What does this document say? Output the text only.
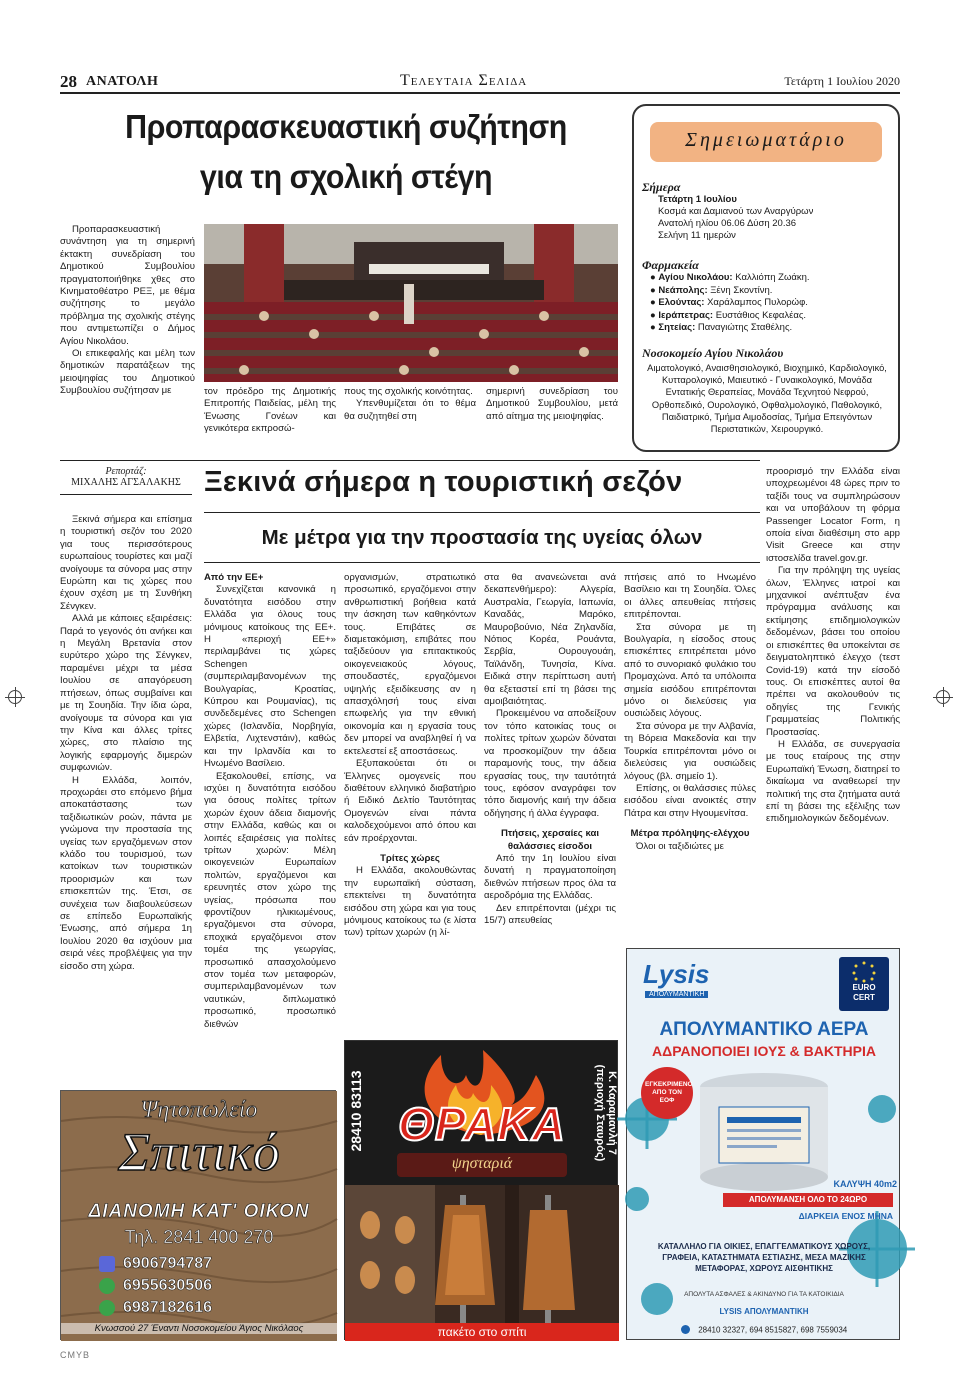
28 ΑΝΑΤΟΛΗ	Τελευταια Σελιδα	Τετάρτη 1 Ιουλίου 2020
Προπαρασκευαστική συζήτηση
για τη σχολική στέγη

Προπαρασκευαστική συνάντηση για τη σημερινή έκτακτη συνεδρίαση του Δημοτικού Συμβουλίου πραγματοποιήθηκε χθες στο Κινηματοθέατρο ΡΕΞ, με θέμα συζήτησης το μεγάλο πρόβλημα της σχολικής στέγης που αντιμετωπίζει ο Δήμος Αγίου Νικολάου.

Οι επικεφαλής και μέλη των δημοτικών παρατάξεων της μειοψηφίας του Δημοτικού Συμβουλίου συζήτησαν με	τον πρόεδρο της Δημοτικής Επιτροπής Παιδείας, μέλη της Ένωσης Γονέων και γενικότερα εκπροσώ-

πους της σχολικής κοινότητας.

Υπενθυμίζεται ότι το θέμα θα συζητηθεί στη

σημερινή συνεδρίαση του Δημοτικού Συμβουλίου, μετά από αίτημα της μειοψηφίας.

Σημειωματάριο
Σήμερα
Τετάρτη 1 Ιουλίου
Κοσμά και Δαμιανού των Αναργύρων
Ανατολή ηλίου 06.06 Δύση 20.36
Σελήνη 11 ημερών
Φαρμακεία
● Αγίου Νικολάου: Καλλιόπη Ζωάκη.
● Νεάπολης: Ξένη Σκοντίνη.
● Ελούντας: Χαράλαμπος Πυλορώφ.
● Ιεράπετρας: Ευστάθιος Κεφαλέας.
● Σητείας: Παναγιώτης Σταθέλης.
Νοσοκομείο Αγίου Νικολάου
Αιματολογικό, Αναισθησιολογικό, Βιοχημικό, Καρδιολογικό, Κυτταρολογικό, Μαιευτικό - Γυναικολογικό, Μονάδα Εντατικής Θεραπείας, Μονάδα Τεχνητού Νεφρού, Ορθοπεδικό, Ουρολογικό, Οφθαλμολογικό, Παθολογικό, Παιδιατρικό, Τμήμα Αιμοδοσίας, Τμήμα Επειγόντων Περιστατικών, Χειρουργικό.
Ρεπορτάζ:
ΜΙΧΑΛΗΣ ΑΓΣΑΛΑΚΗΣ Ξεκινά σήμερα η τουριστική σεζόν
Με μέτρα για την προστασία της υγείας όλων

Ξεκινά σήμερα και επίσημα η τουριστική σεζόν του 2020 για τους περισσότερους ευρωπαίους τουρίστες και μαζί ανοίγουμε τα σύνορα μας στην Ευρώπη και τις χώρες που έχουν σχέση με τη Συνθήκη Σένγκεν.

Αλλά με κάποιες εξαιρέσεις: Παρά το γεγονός ότι ανήκει και η Μεγάλη Βρετανία στον ευρύτερο χώρο της Σένγκεν, παραμένει μέχρι τα μέσα Ιουλίου σε απαγόρευση πτήσεων, όπως συμβαίνει και με τη Σουηδία. Την ίδια ώρα, ανοίγουμε τα σύνορα και για την Κίνα και άλλες τρίτες χώρες, στο πλαίσιο της λογικής εφαρμογής διμερών συμφωνιών.

Η Ελλάδα, λοιπόν, προχωράει στο επόμενο βήμα αποκατάστασης των ταξιδιωτικών ροών, πάντα με γνώμονα την προστασία της υγείας των εργαζόμενων στον κλάδο του τουρισμού, των κατοίκων των τουριστικών προορισμών και των επισκεπτών της. Έτσι, σε συνέχεια των διαβουλεύσεων σε επίπεδο Ευρωπαϊκής Ένωσης, από σήμερα 1η Ιουλίου 2020 θα ισχύουν μια σειρά νέες προβλέψεις για την είσοδο στη χώρα.

Από την ΕΕ+

Συνεχίζεται κανονικά η δυνατότητα εισόδου στην Ελλάδα για όλους τους μόνιμους κατοίκους της ΕΕ+. Η «περιοχή ΕΕ+» περιλαμβάνει τις χώρες Schengen (συμπεριλαμβανομένων της Βουλγαρίας, Κροατίας, Κύπρου και Ρουμανίας), τις συνδεδεμένες στο Schengen χώρες (Ισλανδία, Νορβηγία, Ελβετία, Λιχτενστάιν), καθώς και την Ιρλανδία και το Ηνωμένο Βασίλειο.

Εξακολουθεί, επίσης, να ισχύει η δυνατότητα εισόδου για όσους πολίτες τρίτων χωρών έχουν άδεια διαμονής στην Ελλάδα, καθώς και οι λοιπές εξαιρέσεις για πολίτες τρίτων χωρών: Μέλη οικογενειών Ευρωπαίων πολιτών, εργαζόμενοι και ερευνητές στον χώρο της υγείας, πρόσωπα που φροντίζουν ηλικιωμένους, εργαζόμενοι στα σύνορα, εποχικά εργαζόμενοι στον τομέα της γεωργίας, προσωπικό απασχολούμενο στον τομέα των μεταφορών, συμπεριλαμβανομένων των ναυτικών, διπλωματικό προσωπικό, προσωπικό διεθνών

οργανισμών, στρατιωτικό προσωπικό, εργαζόμενοι στην ανθρωπιστική βοήθεια κατά την άσκηση των καθηκόντων τους. Επιβάτες σε διαμετακόμιση, επιβάτες που ταξιδεύουν για επιτακτικούς οικογενειακούς λόγους, σπουδαστές, εργαζόμενοι υψηλής εξειδίκευσης αν η απασχόλησή τους είναι επωφελής για την εθνική οικονομία και η εργασία τους δεν μπορεί να αναβληθεί ή να εκτελεστεί εξ αποστάσεως.

Εξυπακούεται ότι οι Έλληνες ομογενείς που διαθέτουν ελληνικό διαβατήριο ή Ειδικό Δελτίο Ταυτότητας Ομογενών είναι πάντα καλοδεχούμενοι από όπου και εάν προέρχονται.

Τρίτες χώρες

Η Ελλάδα, ακολουθώντας την ευρωπαϊκή σύσταση, επεκτείνει τη δυνατότητα εισόδου στη χώρα και για τους μόνιμους κατοίκους τω (ε λίστα των) τρίτων χωρών (η λί-

στα θα ανανεώνεται ανά δεκαπενθήμερο): Αλγερία, Αυστραλία, Γεωργία, Ιαπωνία, Καναδάς, Μαρόκο, Μαυροβούνιο, Νέα Ζηλανδία, Νότιος Κορέα, Ρουάντα, Σερβία, Ουρουγουάη, Ταϊλάνδη, Τυνησία, Κίνα. Ειδικά στην περίπτωση αυτή θα εξεταστεί επί τη βάσει της αμοιβαιότητας.

Προκειμένου να αποδείξουν τον τόπο κατοικίας τους οι πολίτες τρίτων χωρών δύναται να προσκομίζουν την άδεια παραμονής τους, την άδεια εργασίας τους, την ταυτότητά τους, εφόσον αναγράφει τον τόπο διαμονής καιή την άδεια οδήγησης ή άλλα έγγραφα.

Πτήσεις, χερσαίες και θαλάσσιες είσοδοι

Από την 1η Ιουλίου είναι δυνατή η πραγματοποίηση διεθνών πτήσεων προς όλα τα αεροδρόμια της Ελλάδας.

Δεν επιτρέπονται (μέχρι τις 15/7) απευθείας

πτήσεις από το Ηνωμένο Βασίλειο και τη Σουηδία. Όλες οι άλλες απευθείας πτήσεις επιτρέπονται.

Στα σύνορα με τη Βουλγαρία, η είσοδος στους επισκέπτες επιτρέπεται μόνο από το συνοριακό φυλάκιο του Προμαχώνα. Από τα υπόλοιπα σημεία εισόδου επιτρέπονται μόνο οι διελεύσεις για ουσιώδεις λόγους.

Στα σύνορα με την Αλβανία, τη Βόρεια Μακεδονία και την Τουρκία επιτρέπονται μόνο οι διελεύσεις για ουσιώδεις λόγους (βλ. σημείο 1).

Επίσης, οι θαλάσσιες πύλες εισόδου είναι ανοικτές στην Πάτρα και στην Ηγουμενίτσα.

Μέτρα πρόληψης-ελέγχου

Όλοι οι ταξιδιώτες με

προορισμό την Ελλάδα είναι υποχρεωμένοι 48 ώρες πριν το ταξίδι τους να συμπληρώσουν και να υποβάλουν τη φόρμα Passenger Locator Form, η οποία είναι διαθέσιμη στο app Visit Greece και στην ιστοσελίδα travel.gov.gr.

Για την πρόληψη της υγείας όλων, Έλληνες ιατροί και μηχανικοί ανέπτυξαν ένα πρόγραμμα ανάλυσης και εκτίμησης επιδημιολογικών δεδομένων, βάσει του οποίου οι επισκέπτες θα υποκείνται σε δειγματοληπτικό έλεγχο (τεστ Covid-19) κατά την είσοδό τους. Οι επισκέπτες αυτοί θα πρέπει να ακολουθούν τις οδηγίες της Γενικής Γραμματείας Πολιτικής Προστασίας.

Η Ελλάδα, σε συνεργασία με τους εταίρους της στην Ευρωπαϊκή Ένωση, διατηρεί το δικαίωμα να αναθεωρεί την πολιτική της στα ζητήματα αυτά επί τη βάσει της εξέλιξης των επιδημιολογικών δεδομένων.

Ψητοπωλείο
Σπιτικό
ΔΙΑΝΟΜΗ ΚΑΤ' ΟΙΚΟΝ
Τηλ. 2841 400 270
6906794787
6955630506
6987182616
Κνωσσού 27 Έναντι Νοσοκομείου Άγιος Νικόλαος
28410 83113	Κ. Καραμανλή 7 (περιοχή Σταυρός)
ΘΡΑΚΑ
ψησταριά
πακέτο στο σπίτι
Lysis
ΑΠΟΛΥΜΑΝΤΙΚΗ
EURO
CERT
ΑΠΟΛΥΜΑΝΤΙΚΟ ΑΕΡΑ
ΑΔΡΑΝΟΠΟΙΕΙ ΙΟΥΣ & ΒΑΚΤΗΡΙΑ
ΕΓΚΕΚΡΙΜΕΝΟ ΑΠΟ ΤΟΝ ΕΟΦ
ΚΑΛΥΨΗ 40m2
ΑΠΟΛΥΜΑΝΣΗ ΟΛΟ ΤΟ 24ΩΡΟ
ΔΙΑΡΚΕΙΑ ΕΝΟΣ ΜΗΝΑ
ΚΑΤΑΛΛΗΛΟ ΓΙΑ ΟΙΚΙΕΣ, ΕΠΑΓΓΕΛΜΑΤΙΚΟΥΣ ΧΩΡΟΥΣ, ΓΡΑΦΕΙΑ, ΚΑΤΑΣΤΗΜΑΤΑ ΕΣΤΙΑΣΗΣ, ΜΕΣΑ ΜΑΖΙΚΗΣ ΜΕΤΑΦΟΡΑΣ, ΧΩΡΟΥΣ ΑΙΣΘΗΤΙΚΗΣ
ΑΠΟΛΥΤΑ ΑΣΦΑΛΕΣ & ΑΚΙΝΔΥΝΟ ΓΙΑ ΤΑ ΚΑΤΟΙΚΙΔΙΑ
LYSIS ΑΠΟΛΥΜΑΝΤΙΚΗ
28410 32327, 694 8515827, 698 7559034
CMYB
